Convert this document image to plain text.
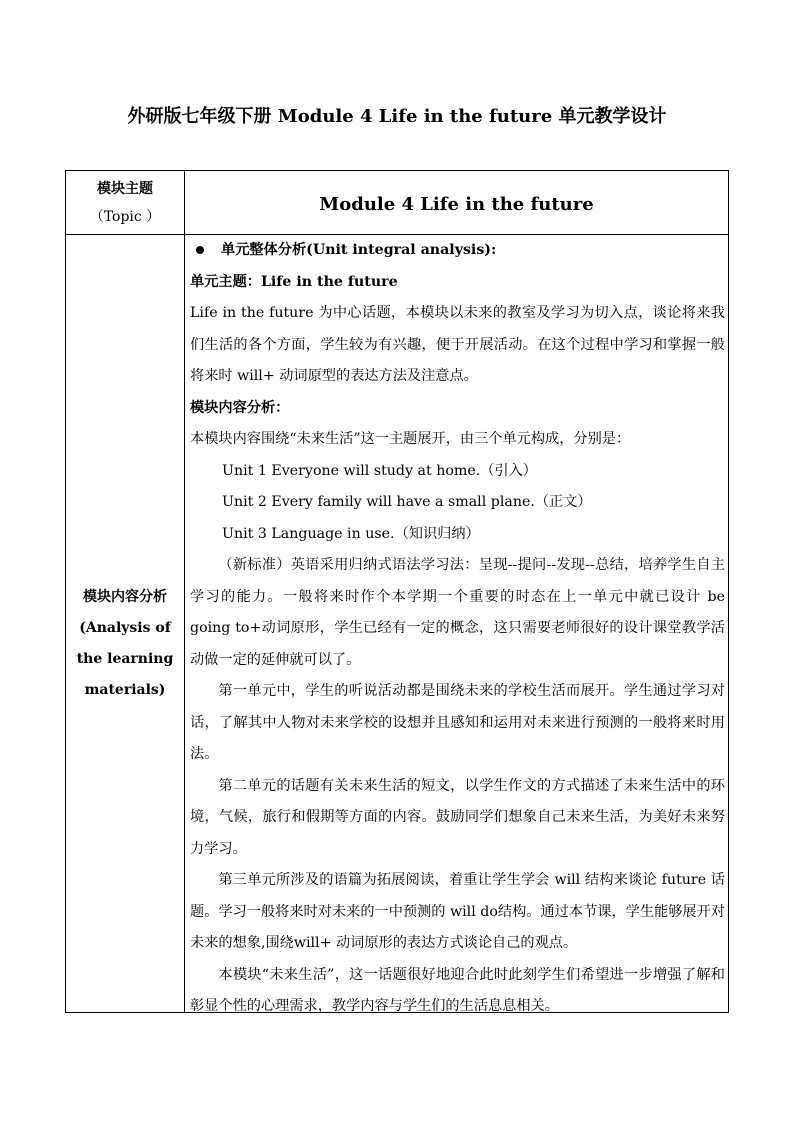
外研版七年级下册 Module 4 Life in the future 单元教学设计
模块主题
（Topic ）
Module 4 Life in the future
模块内容分析
(Analysis of
the learning
materials)

单元整体分析(Unit integral analysis):

单元主题：Life in the future

Life in the future 为中心话题，本模块以未来的教室及学习为切入点，谈论将来我们生活的各个方面，学生较为有兴趣，便于开展活动。在这个过程中学习和掌握一般将来时 will+ 动词原型的表达方法及注意点。

模块内容分析：

本模块内容围绕“未来生活”这一主题展开，由三个单元构成，分别是：

Unit 1 Everyone will study at home.（引入）

Unit 2 Every family will have a small plane.（正文）

Unit 3 Language in use.（知识归纳）

（新标准）英语采用归纳式语法学习法：呈现--提问--发现--总结，培养学生自主学习的能力。一般将来时作个本学期一个重要的时态在上一单元中就已设计 be going to+动词原形，学生已经有一定的概念，这只需要老师很好的设计课堂教学活动做一定的延伸就可以了。

第一单元中，学生的听说活动都是围绕未来的学校生活而展开。学生通过学习对话，了解其中人物对未来学校的设想并且感知和运用对未来进行预测的一般将来时用法。

第二单元的话题有关未来生活的短文，以学生作文的方式描述了未来生活中的环境，气候，旅行和假期等方面的内容。鼓励同学们想象自己未来生活，为美好未来努力学习。

第三单元所涉及的语篇为拓展阅读，着重让学生学会 will 结构来谈论 future 话题。学习一般将来时对未来的一中预测的 will do结构。通过本节课，学生能够展开对未来的想象,围绕will+ 动词原形的表达方式谈论自己的观点。

本模块“未来生活”，这一话题很好地迎合此时此刻学生们希望进一步增强了解和彰显个性的心理需求，教学内容与学生们的生活息息相关。
